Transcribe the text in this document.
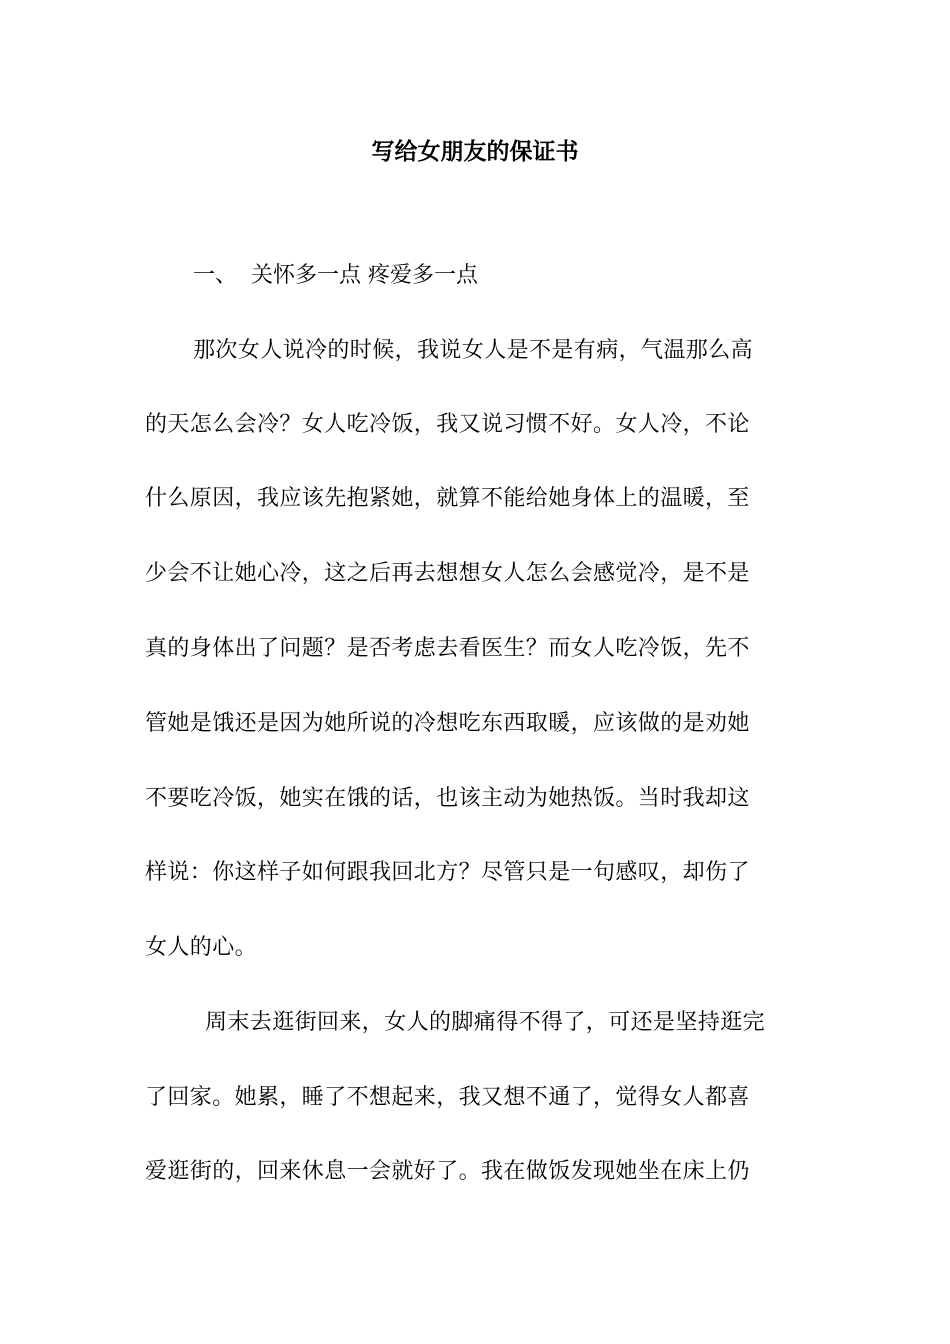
写给女朋友的保证书
一、 关怀多一点 疼爱多一点

那次女人说冷的时候，我说女人是不是有病，气温那么高

的天怎么会冷？女人吃冷饭，我又说习惯不好。女人冷，不论

什么原因，我应该先抱紧她，就算不能给她身体上的温暖，至

少会不让她心冷，这之后再去想想女人怎么会感觉冷，是不是

真的身体出了问题？是否考虑去看医生？而女人吃冷饭，先不

管她是饿还是因为她所说的冷想吃东西取暖，应该做的是劝她

不要吃冷饭，她实在饿的话，也该主动为她热饭。当时我却这

样说：你这样子如何跟我回北方？尽管只是一句感叹，却伤了

女人的心。

周末去逛街回来，女人的脚痛得不得了，可还是坚持逛完

了回家。她累，睡了不想起来，我又想不通了，觉得女人都喜

爱逛街的，回来休息一会就好了。我在做饭发现她坐在床上仍
